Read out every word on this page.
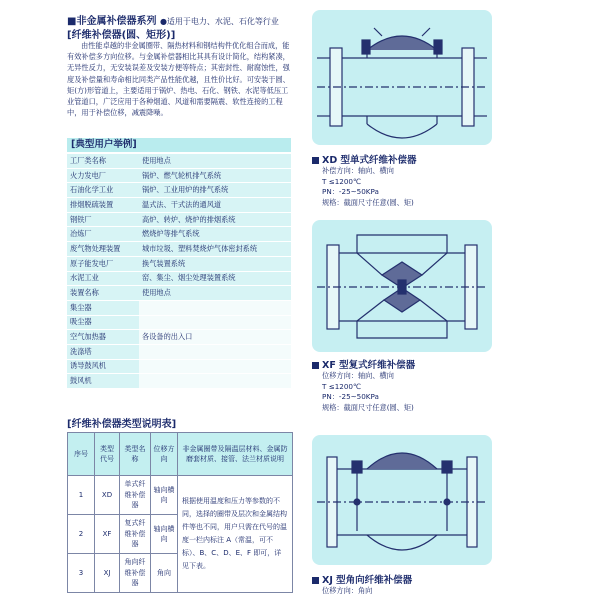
■非金属补偿器系列 ●适用于电力、水泥、石化等行业
[纤维补偿器(圆、矩形)]
由性能卓越的非金属圈带、隔热材料和钢结构件优化组合而成，能有效补偿多方向位移。与金属补偿器相比其具有设计简化，结构紧凑，无异性反力，无安装误差及安装方便等特点；其密封性、耐腐蚀性，强度及补偿量和寿命相比同类产品性能优越，且性价比好。可安装于圆、矩(方)形管道上，主要适用于锅炉、热电、石化、钢铁、水泥等低压工业管道口，广泛应用于各种烟道、风道和需要隔震、软性连接的工程中，用于补偿位移，减震降噪。
[典型用户举例]
工厂类名称	使用地点
火力发电厂	锅炉、燃气轮机排气系统
石油化学工业	锅炉、工业用炉的排气系统
排烟脱硫装置	温式法、干式法的通风道
钢铁厂	高炉、转炉、烧炉的排烟系统
冶炼厂	燃烧炉等排气系统
废气物处理装置	城市垃圾、塑料焚烧炉气体密封系统
原子能发电厂	换气装置系统
水泥工业	窑、集尘、烟尘处理装置系统
装置名称	使用地点
集尘器	
吸尘器	
空气加热器	各设备的出入口
洗涤塔	
诱导鼓风机	
鼓风机	
[纤维补偿器类型说明表]
序号	类型代号	类型名称	位移方向	非金属圈带及隔温层材料、金属防磨套材质、接管、法兰材质说明
1	XD	单式纤维补偿器	轴向横向	根据使用温度和压力等参数的不同，选择的圈带及层次和金属结构件等也不同，用户只需在代号的温度一栏内标注 A（常温，可不标）、B、C、D、E、F 即可，详见下表。
2	XF	复式纤维补偿器	轴向横向	
3	XJ	角向纤维补偿器	角向	
XD 型单式纤维补偿器
补偿方向：轴向、横向
T ≤1200℃
PN：-25~50KPa
规格：截面尺寸任意(圆、矩)
XF 型复式纤维补偿器
位移方向：轴向、横向
T ≤1200℃
PN：-25~50KPa
规格：截面尺寸任意(圆、矩)
XJ 型角向纤维补偿器
位移方向：角向
